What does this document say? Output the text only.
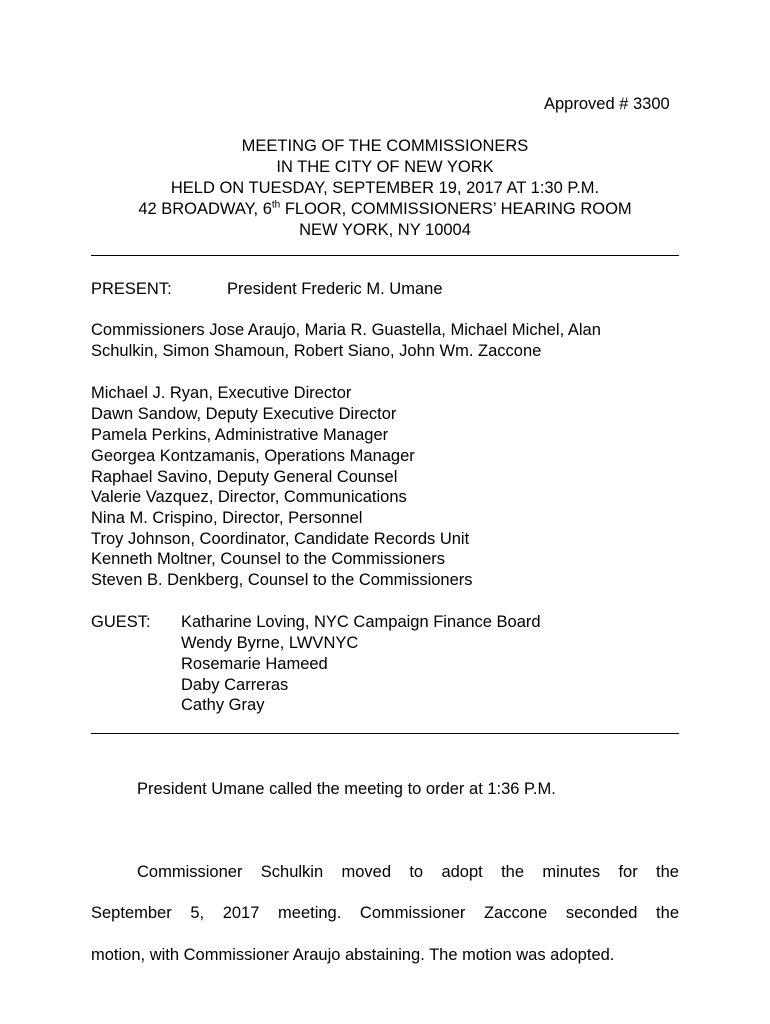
Approved # 3300
MEETING OF THE COMMISSIONERS
IN THE CITY OF NEW YORK
HELD ON TUESDAY, SEPTEMBER 19, 2017 AT 1:30 P.M.
42 BROADWAY, 6th FLOOR, COMMISSIONERS’ HEARING ROOM
NEW YORK, NY 10004
PRESENT:	President Frederic M. Umane
Commissioners Jose Araujo, Maria R. Guastella, Michael Michel, Alan
Schulkin, Simon Shamoun, Robert Siano, John Wm. Zaccone
Michael J. Ryan, Executive Director
Dawn Sandow, Deputy Executive Director
Pamela Perkins, Administrative Manager
Georgea Kontzamanis, Operations Manager
Raphael Savino, Deputy General Counsel
Valerie Vazquez, Director, Communications
Nina M. Crispino, Director, Personnel
Troy Johnson, Coordinator, Candidate Records Unit
Kenneth Moltner, Counsel to the Commissioners
Steven B. Denkberg, Counsel to the Commissioners
GUEST: Katharine Loving, NYC Campaign Finance Board
Wendy Byrne, LWVNYC
Rosemarie Hameed
Daby Carreras
Cathy Gray
President Umane called the meeting to order at 1:36 P.M.
Commissioner Schulkin moved to adopt the minutes for the
September 5, 2017 meeting. Commissioner Zaccone seconded the
motion, with Commissioner Araujo abstaining. The motion was adopted.
